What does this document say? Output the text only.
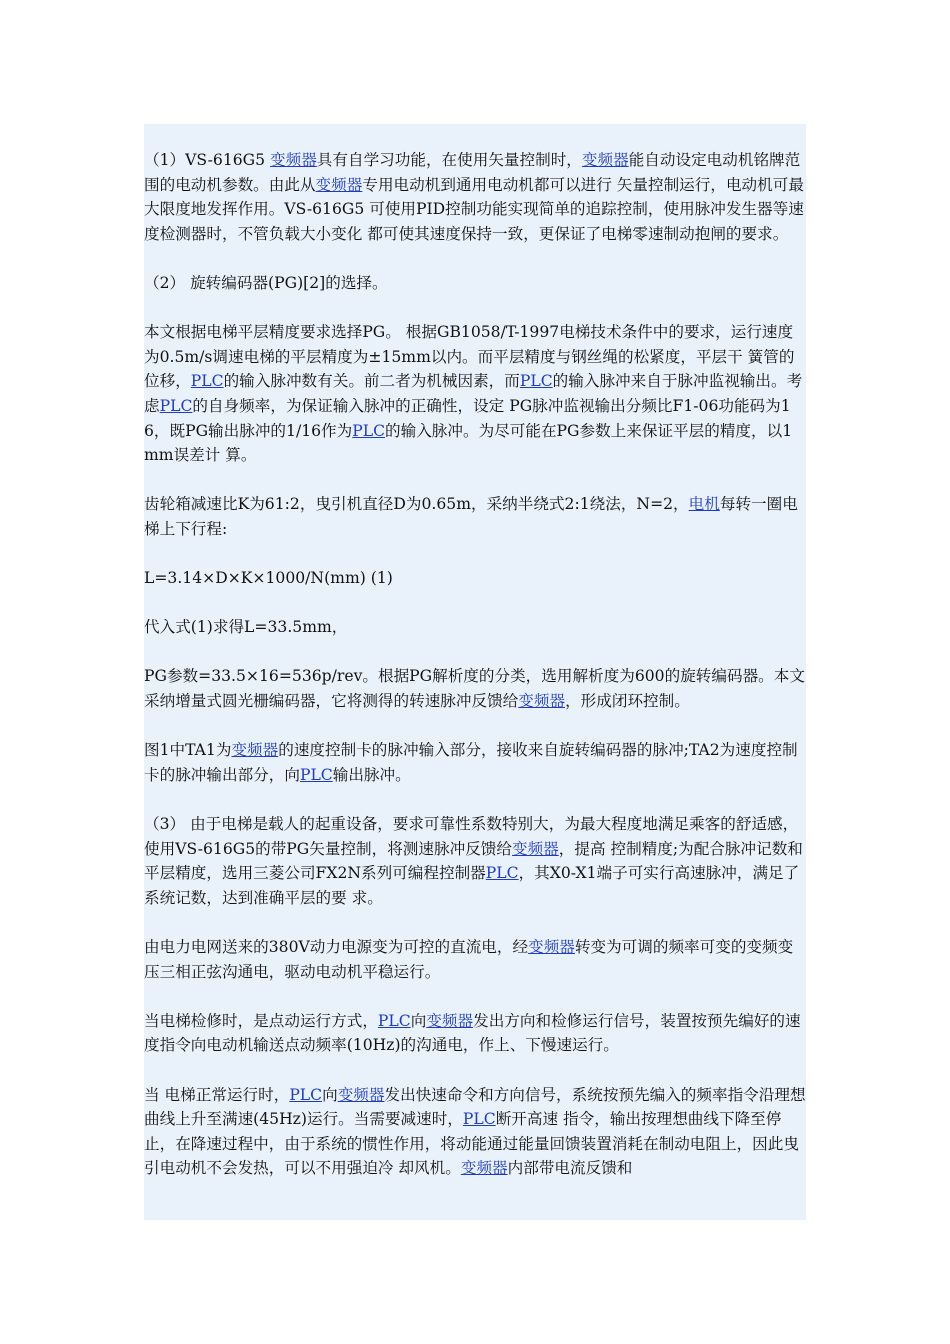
（1）VS-616G5 变频器具有自学习功能，在使用矢量控制时，变频器能自动设定电动机铭牌范围的电动机参数。由此从变频器专用电动机到通用电动机都可以进行 矢量控制运行，电动机可最大限度地发挥作用。VS-616G5 可使用PID控制功能实现简单的追踪控制，使用脉冲发生器等速度检测器时，不管负载大小变化 都可使其速度保持一致，更保证了电梯零速制动抱闸的要求。

（2） 旋转编码器(PG)[2]的选择。

本文根据电梯平层精度要求选择PG。 根据GB1058/T-1997电梯技术条件中的要求，运行速度为0.5m/s调速电梯的平层精度为±15mm以内。而平层精度与钢丝绳的松紧度，平层干 簧管的位移，PLC的输入脉冲数有关。前二者为机械因素，而PLC的输入脉冲来自于脉冲监视输出。考虑PLC的自身频率，为保证输入脉冲的正确性，设定 PG脉冲监视输出分频比F1-06功能码为16，既PG输出脉冲的1/16作为PLC的输入脉冲。为尽可能在PG参数上来保证平层的精度，以1mm误差计 算。

齿轮箱减速比K为61:2，曳引机直径D为0.65m，采纳半绕式2:1绕法，N=2，电机每转一圈电梯上下行程:

L=3.14×D×K×1000/N(mm) (1)

代入式(1)求得L=33.5mm，

PG参数=33.5×16=536p/rev。根据PG解析度的分类，选用解析度为600的旋转编码器。本文采纳增量式圆光栅编码器，它将测得的转速脉冲反馈给变频器，形成闭环控制。

图1中TA1为变频器的速度控制卡的脉冲输入部分，接收来自旋转编码器的脉冲;TA2为速度控制卡的脉冲输出部分，向PLC输出脉冲。

（3） 由于电梯是载人的起重设备，要求可靠性系数特别大，为最大程度地满足乘客的舒适感，使用VS-616G5的带PG矢量控制，将测速脉冲反馈给变频器，提高 控制精度;为配合脉冲记数和平层精度，选用三菱公司FX2N系列可编程控制器PLC，其X0-X1端子可实行高速脉冲，满足了系统记数，达到准确平层的要 求。

由电力电网送来的380V动力电源变为可控的直流电，经变频器转变为可调的频率可变的变频变压三相正弦沟通电，驱动电动机平稳运行。

当电梯检修时，是点动运行方式，PLC向变频器发出方向和检修运行信号，装置按预先编好的速度指令向电动机输送点动频率(10Hz)的沟通电，作上、下慢速运行。

当 电梯正常运行时，PLC向变频器发出快速命令和方向信号，系统按预先编入的频率指令沿理想曲线上升至满速(45Hz)运行。当需要减速时，PLC断开高速 指令，输出按理想曲线下降至停止，在降速过程中，由于系统的惯性作用，将动能通过能量回馈装置消耗在制动电阻上，因此曳引电动机不会发热，可以不用强迫冷 却风机。变频器内部带电流反馈和
